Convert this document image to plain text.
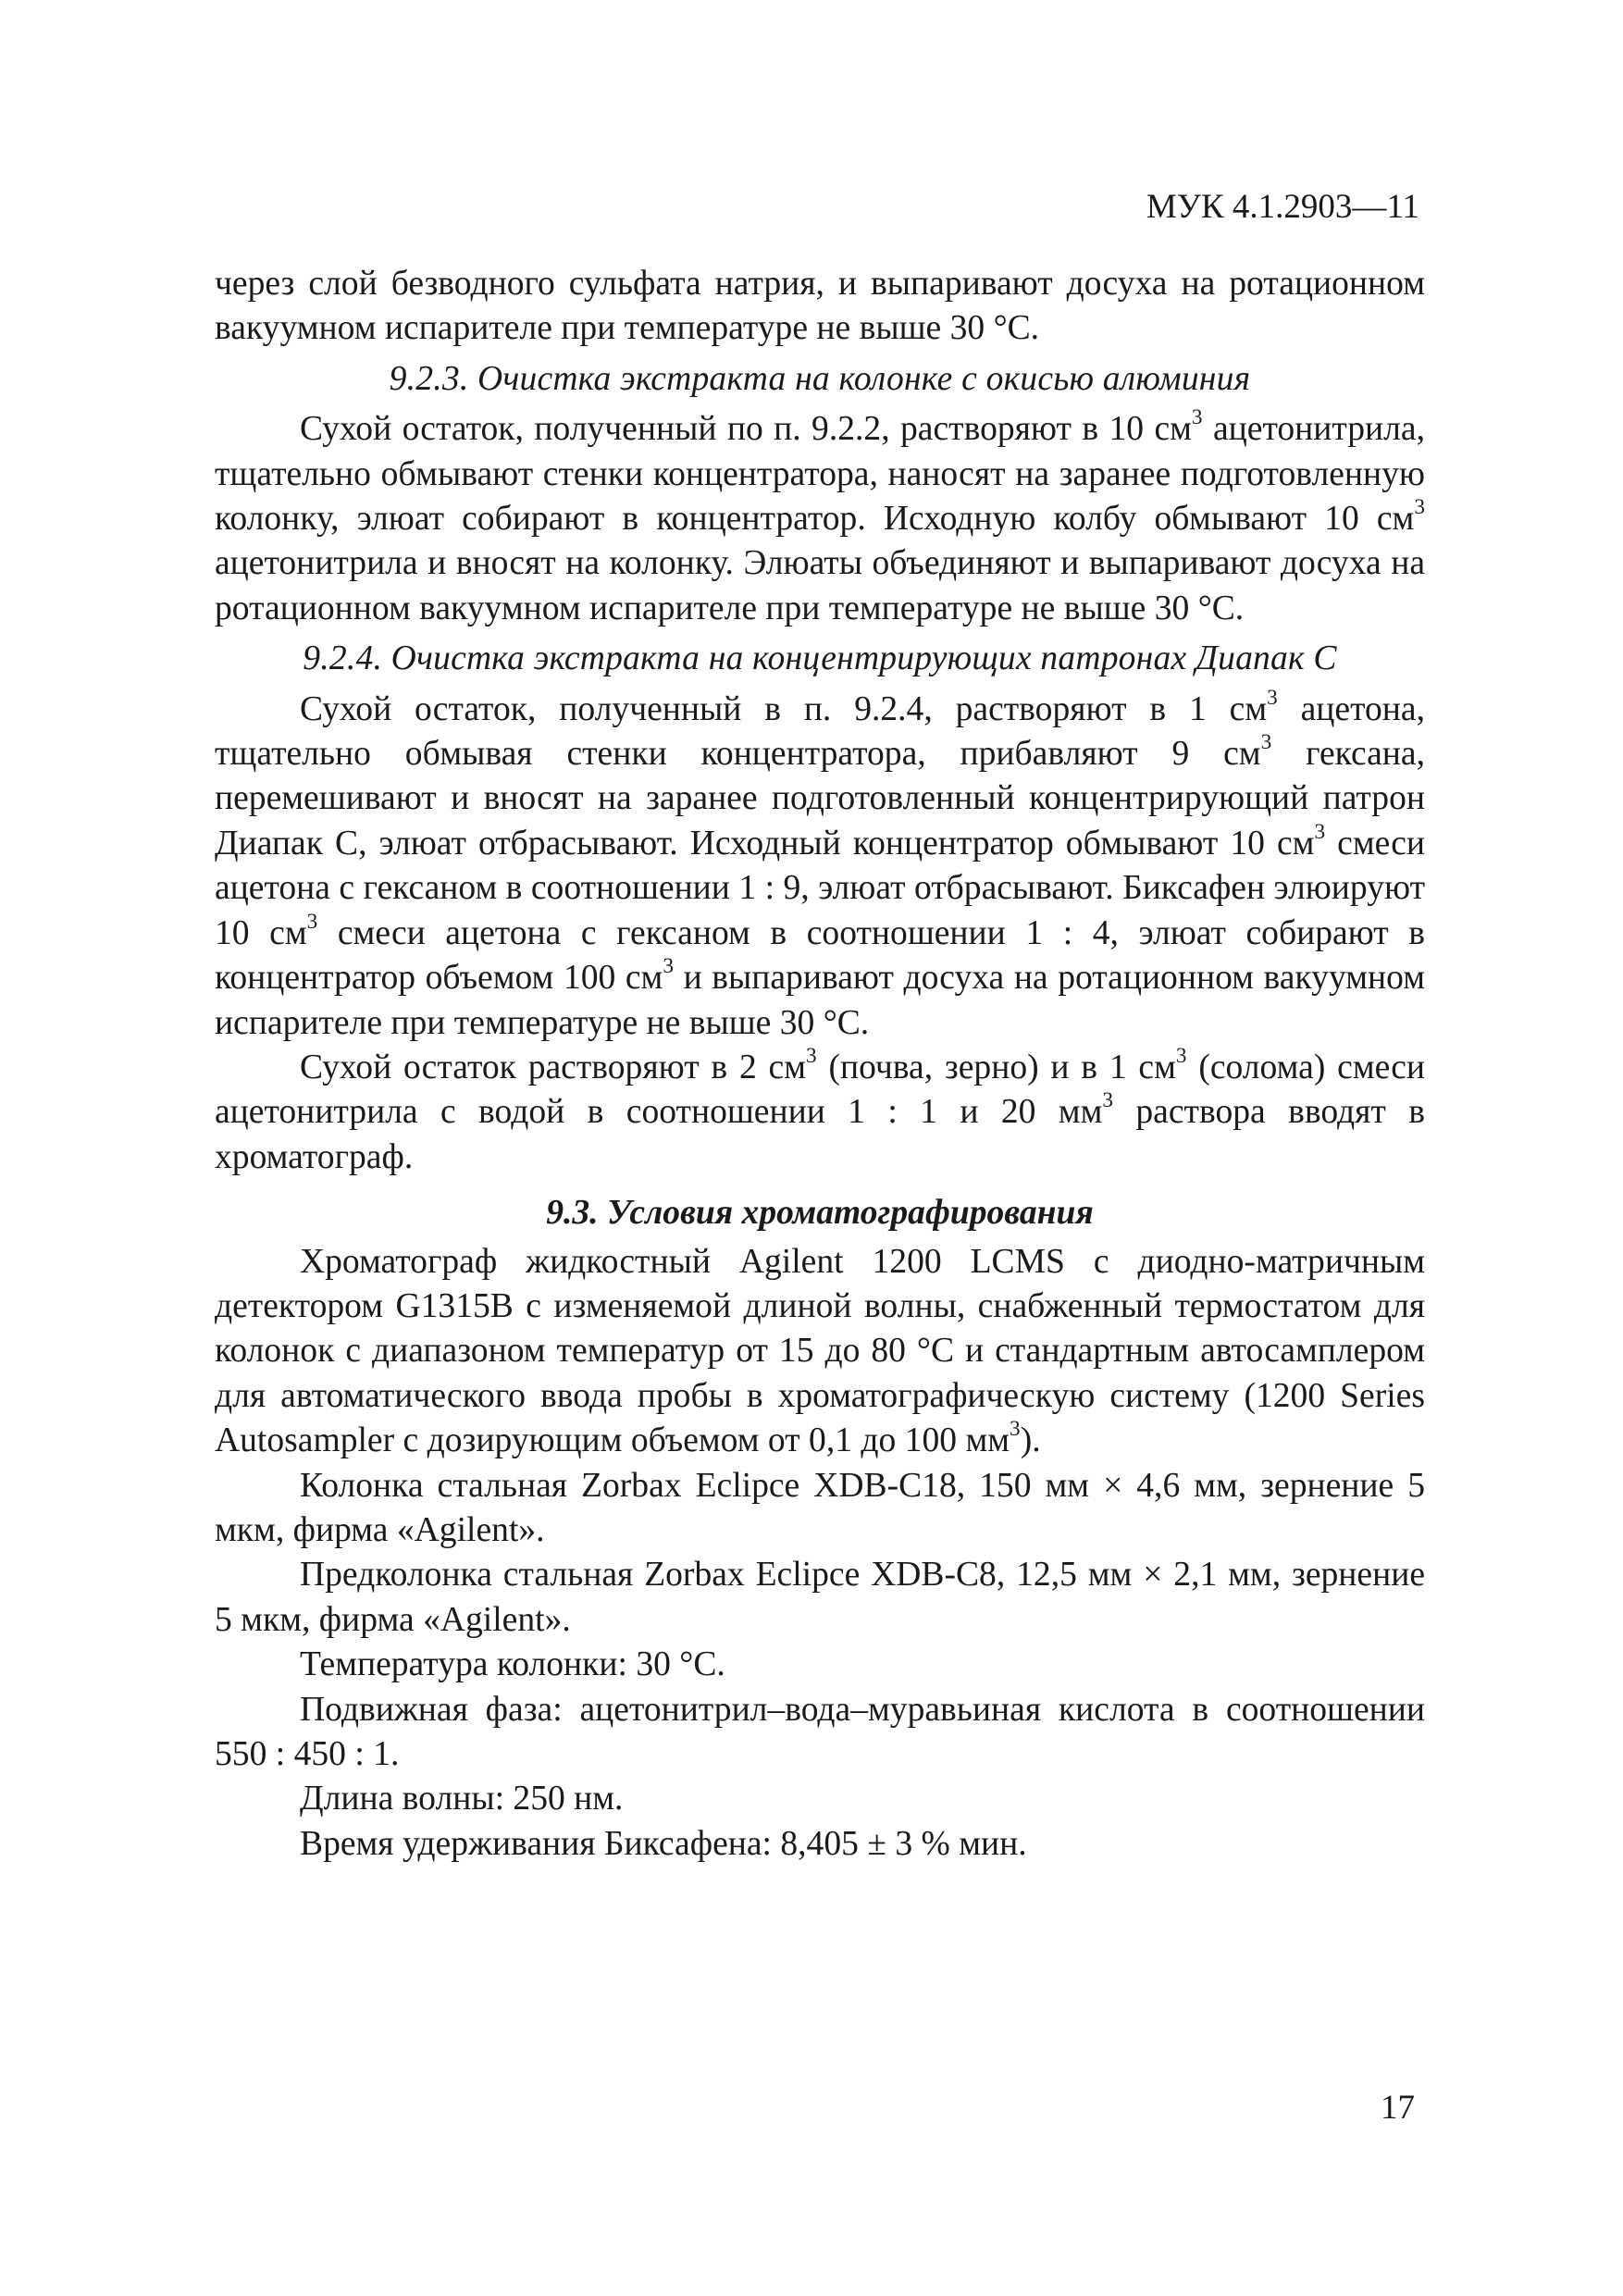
МУК 4.1.2903—11

через слой безводного сульфата натрия, и выпаривают досуха на ротационном вакуумном испарителе при температуре не выше 30 °С.

9.2.3. Очистка экстракта на колонке с окисью алюминия

Сухой остаток, полученный по п. 9.2.2, растворяют в 10 $см^3$ ацетонитрила, тщательно обмывают стенки концентратора, наносят на заранее подготовленную колонку, элюат собирают в концентратор. Исходную колбу обмывают 10 $см^3$ ацетонитрила и вносят на колонку. Элюаты объединяют и выпаривают досуха на ротационном вакуумном испарителе при температуре не выше 30 °С.

9.2.4. Очистка экстракта на концентрирующих патронах Диапак С

Сухой остаток, полученный в п. 9.2.4, растворяют в 1 $см^3$ ацетона, тщательно обмывая стенки концентратора, прибавляют 9 $см^3$ гексана, перемешивают и вносят на заранее подготовленный концентрирующий патрон Диапак С, элюат отбрасывают. Исходный концентратор обмывают 10 $см^3$ смеси ацетона с гексаном в соотношении 1 : 9, элюат отбрасывают. Биксафен элюируют 10 $см^3$ смеси ацетона с гексаном в соотношении 1 : 4, элюат собирают в концентратор объемом 100 $см^3$ и выпаривают досуха на ротационном вакуумном испарителе при температуре не выше 30 °С.

Сухой остаток растворяют в 2 $см^3$ (почва, зерно) и в 1 $см^3$ (солома) смеси ацетонитрила с водой в соотношении 1 : 1 и 20 $мм^3$ раствора вводят в хроматограф.

9.3. Условия хроматографирования

Хроматограф жидкостный Agilent 1200 LCMS с диодно-матричным детектором G1315B с изменяемой длиной волны, снабженный термостатом для колонок с диапазоном температур от 15 до 80 °С и стандартным автосамплером для автоматического ввода пробы в хроматографическую систему (1200 Series Autosampler с дозирующим объемом от 0,1 до 100 $мм^3$).

Колонка стальная Zorbax Eclipce XDB-C18, 150 мм × 4,6 мм, зернение 5 мкм, фирма «Agilent».

Предколонка стальная Zorbax Eclipce XDB-C8, 12,5 мм × 2,1 мм, зернение 5 мкм, фирма «Agilent».

Температура колонки: 30 °С.

Подвижная фаза: ацетонитрил–вода–муравьиная кислота в соотношении 550 : 450 : 1.

Длина волны: 250 нм.

Время удерживания Биксафена: 8,405 ± 3 % мин.

17
